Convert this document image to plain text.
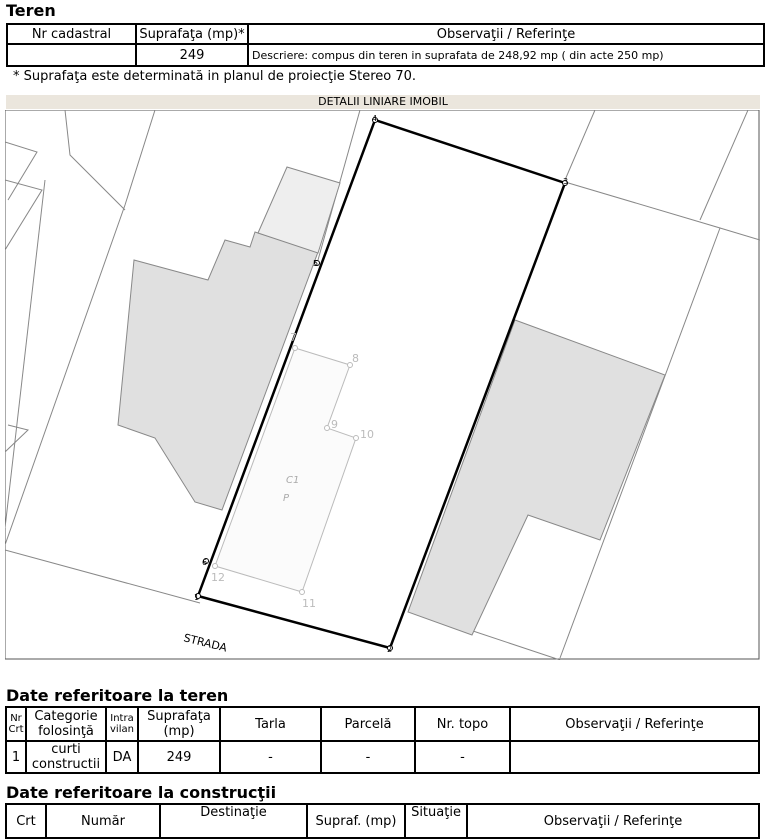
Teren
Nr cadastral	Suprafaţa (mp)*	Observaţii / Referinţe
	249	Descriere: compus din teren in suprafata de 248,92 mp ( din acte 250 mp)
* Suprafaţa este determinată in planul de proiecţie Stereo 70.
DETALII LINIARE IMOBIL
1
2
3
4
5
6
7
8
9
10
11
12
C1
P
STRADA
Date referitoare la teren
Nr Crt	Categorie folosinţă	Intra vilan	Suprafaţa (mp)	Tarla	Parcelă	Nr. topo	Observaţii / Referinţe
1	curti constructii	DA	249	-	-	-	
Date referitoare la construcţii
Crt	Număr	Destinaţie	Supraf. (mp)	Situaţie	Observaţii / Referinţe
